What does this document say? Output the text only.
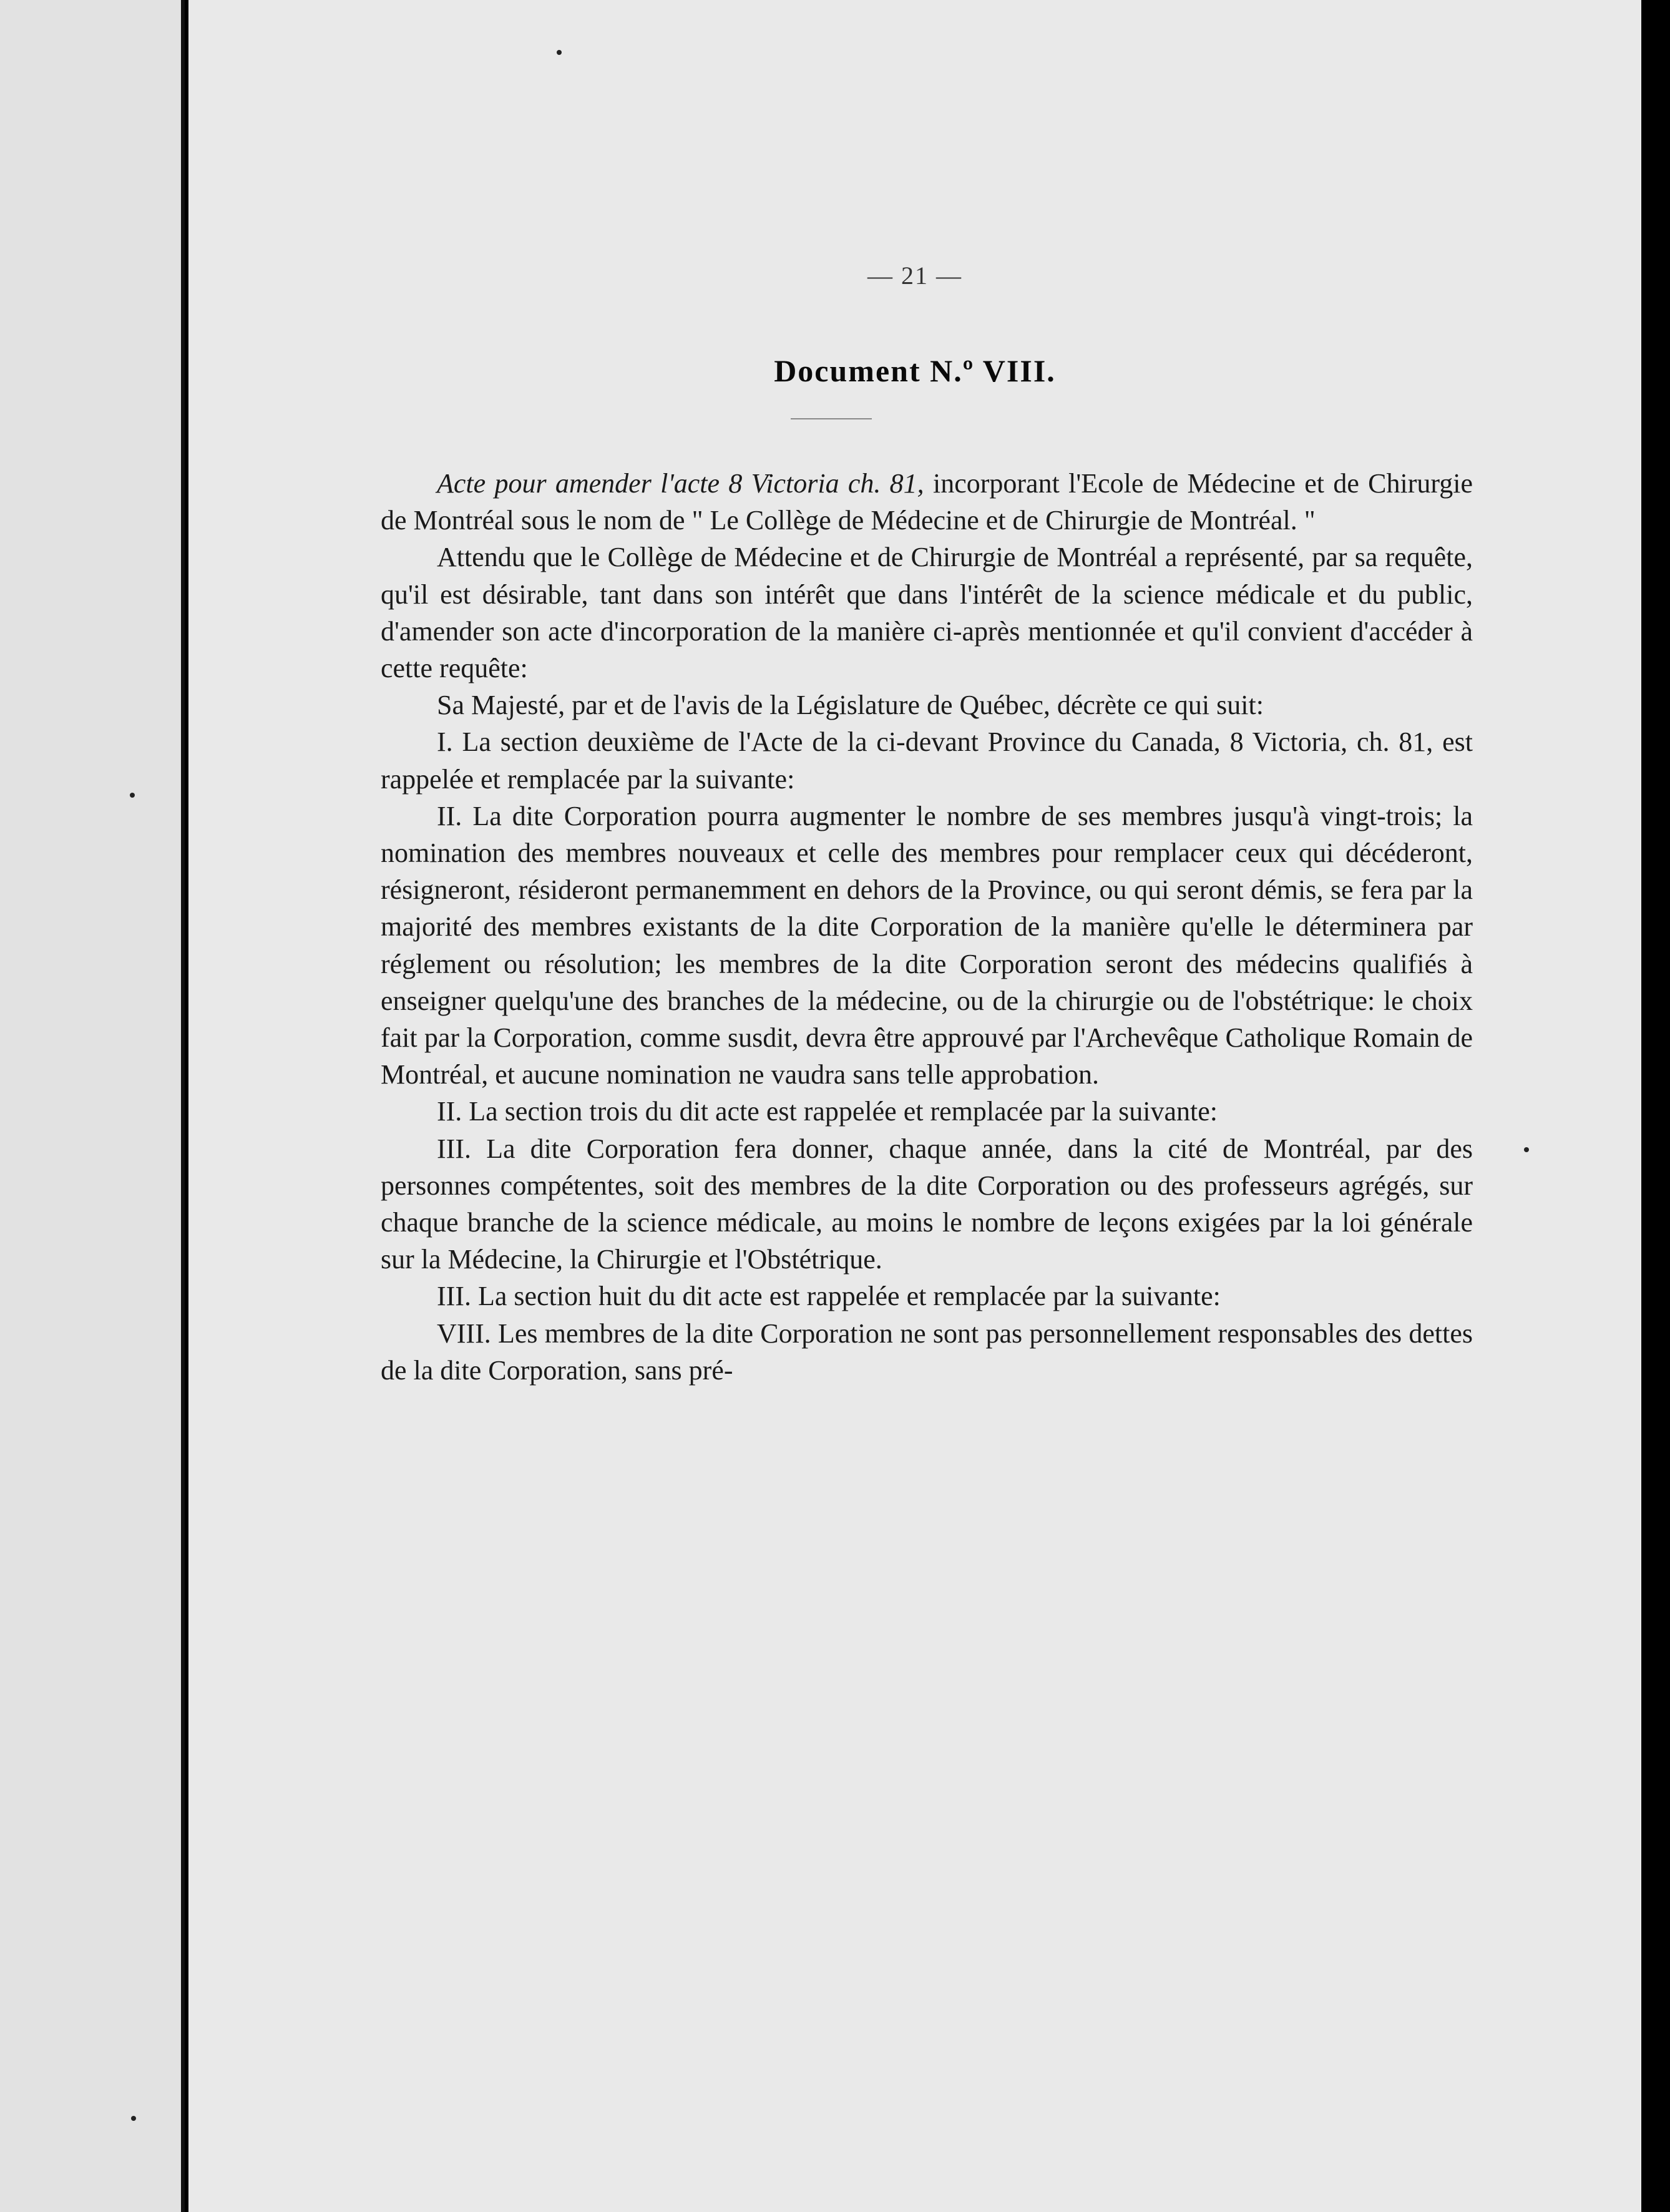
— 21 —
Document N.º VIII.

Acte pour amender l'acte 8 Victoria ch. 81, incorporant l'Ecole de Médecine et de Chirurgie de Montréal sous le nom de " Le Collège de Médecine et de Chirurgie de Montréal. "

Attendu que le Collège de Médecine et de Chirurgie de Montréal a représenté, par sa requête, qu'il est désirable, tant dans son intérêt que dans l'intérêt de la science médicale et du public, d'amender son acte d'incorporation de la manière ci-après mentionnée et qu'il convient d'accéder à cette requête:

Sa Majesté, par et de l'avis de la Législature de Québec, décrète ce qui suit:

I. La section deuxième de l'Acte de la ci-devant Province du Canada, 8 Victoria, ch. 81, est rappelée et remplacée par la suivante:

II. La dite Corporation pourra augmenter le nombre de ses membres jusqu'à vingt-trois; la nomination des membres nouveaux et celle des membres pour remplacer ceux qui décéderont, résigneront, résideront permanemment en dehors de la Province, ou qui seront démis, se fera par la majorité des membres existants de la dite Corporation de la manière qu'elle le déterminera par réglement ou résolution; les membres de la dite Corporation seront des médecins qualifiés à enseigner quelqu'une des branches de la médecine, ou de la chirurgie ou de l'obstétrique: le choix fait par la Corporation, comme susdit, devra être approuvé par l'Archevêque Catholique Romain de Montréal, et aucune nomination ne vaudra sans telle approbation.

II. La section trois du dit acte est rappelée et remplacée par la suivante:

III. La dite Corporation fera donner, chaque année, dans la cité de Montréal, par des personnes compétentes, soit des membres de la dite Corporation ou des professeurs agrégés, sur chaque branche de la science médicale, au moins le nombre de leçons exigées par la loi générale sur la Médecine, la Chirurgie et l'Obstétrique.

III. La section huit du dit acte est rappelée et remplacée par la suivante:

VIII. Les membres de la dite Corporation ne sont pas personnellement responsables des dettes de la dite Corporation, sans pré-
